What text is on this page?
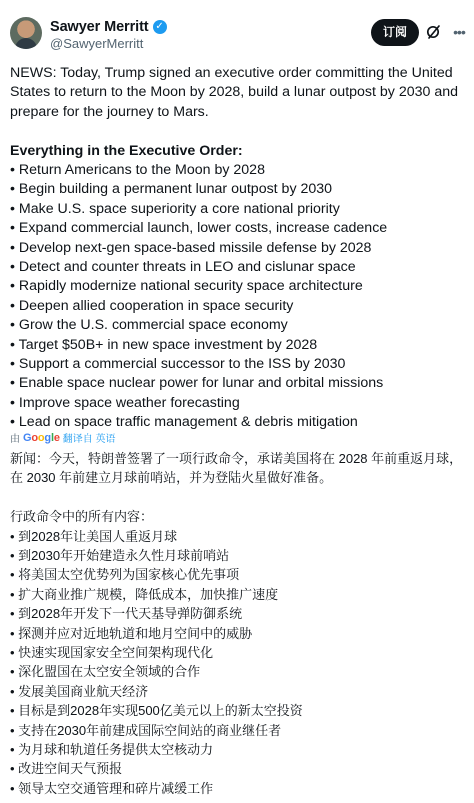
Sawyer Merritt ✓
@SawyerMerritt
订阅	•••

NEWS: Today, Trump signed an executive order committing the United States to return to the Moon by 2028, build a lunar outpost by 2030 and prepare for the journey to Mars.

Everything in the Executive Order:
• Return Americans to the Moon by 2028
• Begin building a permanent lunar outpost by 2030
• Make U.S. space superiority a core national priority
• Expand commercial launch, lower costs, increase cadence
• Develop next-gen space-based missile defense by 2028
• Detect and counter threats in LEO and cislunar space
• Rapidly modernize national security space architecture
• Deepen allied cooperation in space security
• Grow the U.S. commercial space economy
• Target $50B+ in new space investment by 2028
• Support a commercial successor to the ISS by 2030
• Enable space nuclear power for lunar and orbital missions
• Improve space weather forecasting
• Lead on space traffic management & debris mitigation
由 Google 翻译自 英语

新闻：今天，特朗普签署了一项行政命令，承诺美国将在 2028 年前重返月球，在 2030 年前建立月球前哨站，并为登陆火星做好准备。

行政命令中的所有内容：
• 到2028年让美国人重返月球
• 到2030年开始建造永久性月球前哨站
• 将美国太空优势列为国家核心优先事项
• 扩大商业推广规模，降低成本，加快推广速度
• 到2028年开发下一代天基导弹防御系统
• 探测并应对近地轨道和地月空间中的威胁
• 快速实现国家安全空间架构现代化
• 深化盟国在太空安全领域的合作
• 发展美国商业航天经济
• 目标是到2028年实现500亿美元以上的新太空投资
• 支持在2030年前建成国际空间站的商业继任者
• 为月球和轨道任务提供太空核动力
• 改进空间天气预报
• 领导太空交通管理和碎片减缓工作
